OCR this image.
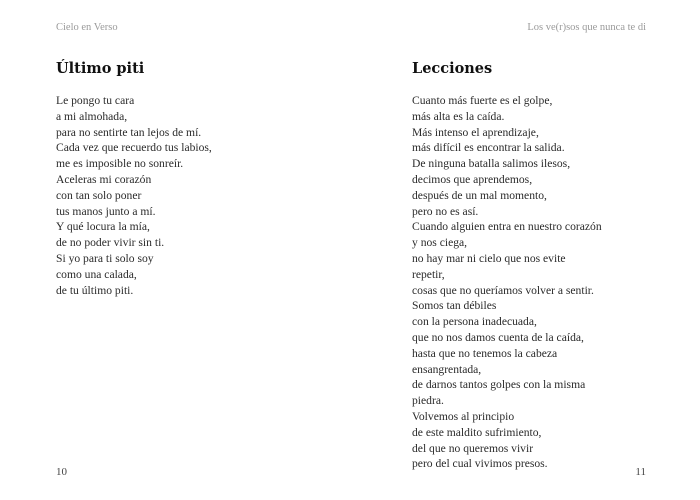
Cielo en Verso
Último piti
Le pongo tu cara
a mi almohada,
para no sentirte tan lejos de mí.
Cada vez que recuerdo tus labios,
me es imposible no sonreír.
Aceleras mi corazón
con tan solo poner
tus manos junto a mí.
Y qué locura la mía,
de no poder vivir sin ti.
Si yo para ti solo soy
como una calada,
de tu último piti.
10
Los ve(r)sos que nunca te di
Lecciones
Cuanto más fuerte es el golpe,
más alta es la caída.
Más intenso el aprendizaje,
más difícil es encontrar la salida.
De ninguna batalla salimos ilesos,
decimos que aprendemos,
después de un mal momento,
pero no es así.
Cuando alguien entra en nuestro corazón
y nos ciega,
no hay mar ni cielo que nos evite
repetir,
cosas que no queríamos volver a sentir.
Somos tan débiles
con la persona inadecuada,
que no nos damos cuenta de la caída,
hasta que no tenemos la cabeza
ensangrentada,
de darnos tantos golpes con la misma
piedra.
Volvemos al principio
de este maldito sufrimiento,
del que no queremos vivir
pero del cual vivimos presos.
11
